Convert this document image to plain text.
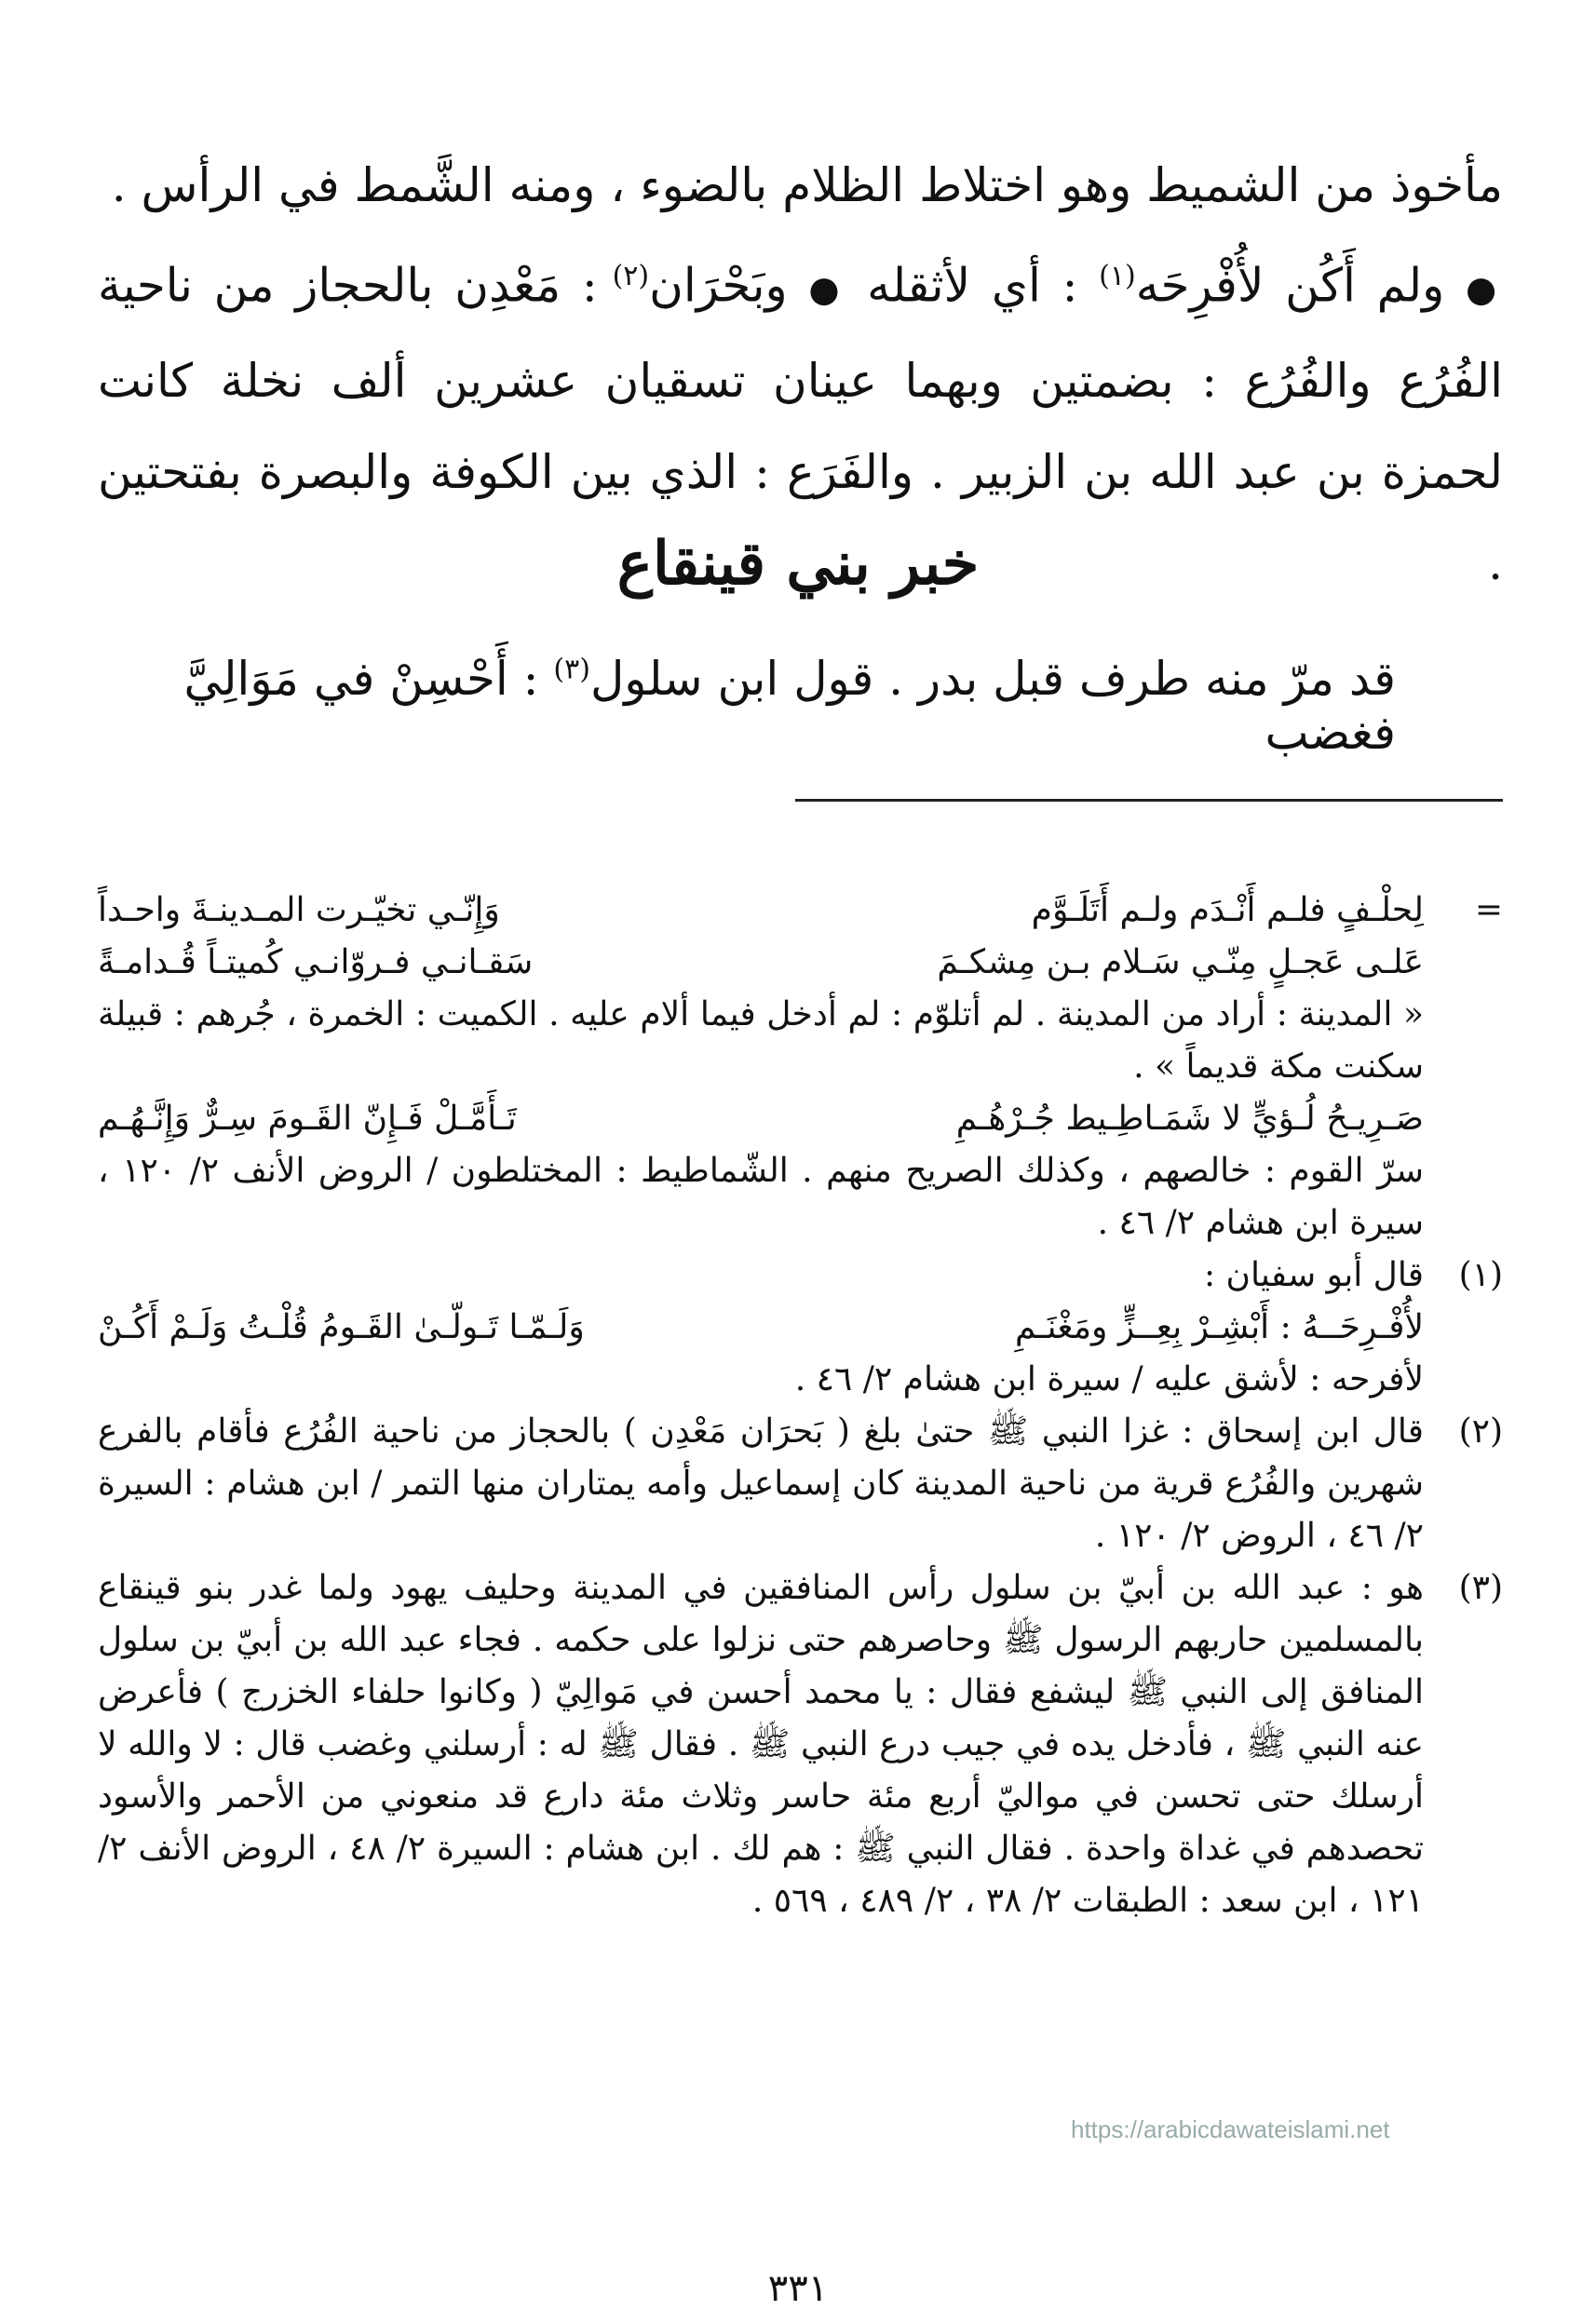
مأخوذ من الشميط وهو اختلاط الظلام بالضوء ، ومنه الشَّمط في الرأس .

● ولم أَكُن لأُفْرِحَه$^{(١)}$ : أي لأثقله ● وبَحْرَان$^{(٢)}$ : مَعْدِن بالحجاز من ناحية الفُرُع والفُرُع : بضمتين وبهما عينان تسقيان عشرين ألف نخلة كانت لحمزة بن عبد الله بن الزبير . والفَرَع : الذي بين الكوفة والبصرة بفتحتين .

خبر بني قينقاع
قد مرّ منه طرف قبل بدر . قول ابن سلول$^{(٣)}$ : أَحْسِنْ في مَوَالِيَّ فغضب
=
لِحلْـفٍ فلـم أَنْـدَم ولـم أَتَلَـوَّم
وَإِنّـي تخيّـرت المـدينـةَ واحـداً
عَلـى عَجـلٍ مِنّـي سَـلام بـن مِشكـمَ
سَقـانـي فـروّانـي كُميتـاً قُـدامـةً
« المدينة : أراد من المدينة . لم أتلوّم : لم أدخل فيما ألام عليه . الكميت : الخمرة ، جُرهم : قبيلة سكنت مكة قديماً » .
صَـرِيـحُ لُـؤيٍّ لا شَمَـاطِـيط جُـرْهُـمِ
تَـأَمَّـلْ فَـإِنّ القَـومَ سِـرٌّ وَإِنَّـهُـم
سرّ القوم : خالصهم ، وكذلك الصريح منهم . الشّماطيط : المختلطون / الروض الأنف ٢/ ١٢٠ ، سيرة ابن هشام ٢/ ٤٦ .
(١)
قال أبو سفيان :
لأُفْـرِحَــهُ : أَبْشِـرْ بِعِــزٍّ ومَغْنَـمِ
وَلَـمّـا تَـولّـىٰ القَـومُ قُلْـتُ وَلَـمْ أَكُـنْ
لأفرحه : لأشق عليه / سيرة ابن هشام ٢/ ٤٦ .
(٢)
قال ابن إسحاق : غزا النبي ﷺ حتىٰ بلغ ( بَحرَان مَعْدِن ) بالحجاز من ناحية الفُرُع فأقام بالفرع شهرين والفُرُع قرية من ناحية المدينة كان إسماعيل وأمه يمتاران منها التمر / ابن هشام : السيرة ٢/ ٤٦ ، الروض ٢/ ١٢٠ .
(٣)
هو : عبد الله بن أبيّ بن سلول رأس المنافقين في المدينة وحليف يهود ولما غدر بنو قينقاع بالمسلمين حاربهم الرسول ﷺ وحاصرهم حتى نزلوا على حكمه . فجاء عبد الله بن أبيّ بن سلول المنافق إلى النبي ﷺ ليشفع فقال : يا محمد أحسن في مَوالِيّ ( وكانوا حلفاء الخزرج ) فأعرض عنه النبي ﷺ ، فأدخل يده في جيب درع النبي ﷺ . فقال ﷺ له : أرسلني وغضب قال : لا والله لا أرسلك حتى تحسن في مواليّ أربع مئة حاسر وثلاث مئة دارع قد منعوني من الأحمر والأسود تحصدهم في غداة واحدة . فقال النبي ﷺ : هم لك . ابن هشام : السيرة ٢/ ٤٨ ، الروض الأنف ٢/ ١٢١ ، ابن سعد : الطبقات ٢/ ٣٨ ، ٢/ ٤٨٩ ، ٥٦٩ .
https://arabicdawateislami.net
٣٣١
